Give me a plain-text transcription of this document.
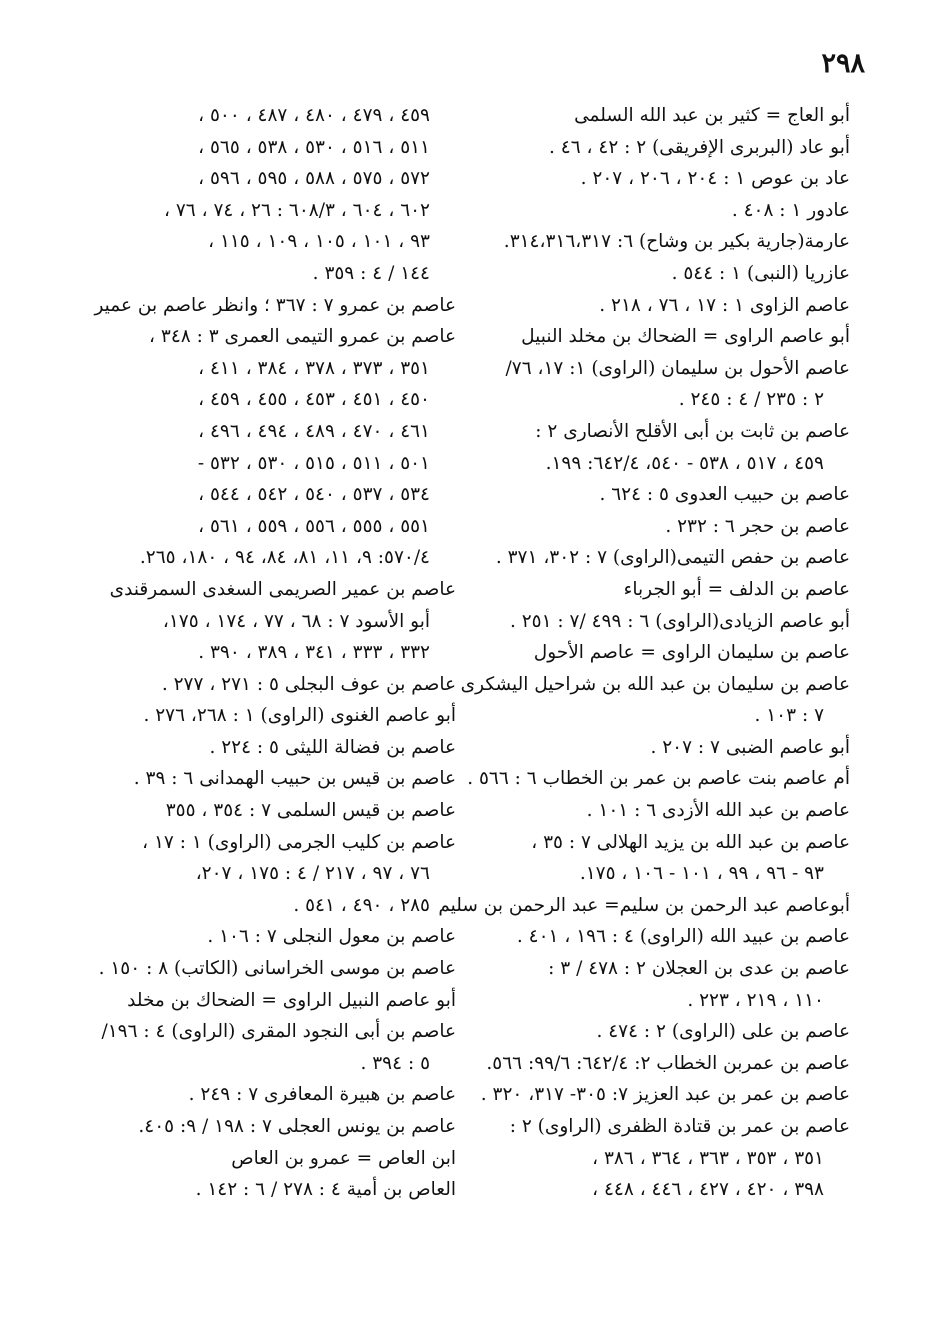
٢٩٨
أبو العاج = كثير بن عبد الله السلمى
أبو عاد (البربرى الإفريقى) ٢ : ٤٢ ، ٤٦ .
عاد بن عوص ١ : ٢٠٤ ، ٢٠٦ ، ٢٠٧ .
عادور ١ : ٤٠٨ .
عارمة(جارية بكير بن وشاح) ٦: ٣١٤،٣١٦،٣١٧.
عازريا (النبى) ١ : ٥٤٤ .
عاصم الزاوى ١ : ١٧ ، ٧٦ ، ٢١٨ .
أبو عاصم الراوى = الضحاك بن مخلد النبيل
عاصم الأحول بن سليمان (الراوى) ١: ١٧، ٧٦/
٢ : ٢٣٥ / ٤ : ٢٤٥ .
عاصم بن ثابت بن أبى الأقلح الأنصارى ٢ :
٤٥٩ ، ٥١٧ ، ٥٣٨ - ٥٤٠، ٦٤٢/٤: ١٩٩.
عاصم بن حبيب العدوى ٥ : ٦٢٤ .
عاصم بن حجر ٦ : ٢٣٢ .
عاصم بن حفص التيمى(الراوى) ٧ : ٣٠٢، ٣٧١ .
عاصم بن الدلف = أبو الجرباء
أبو عاصم الزيادى(الراوى) ٦ : ٤٩٩ /٧ : ٢٥١ .
عاصم بن سليمان الراوى = عاصم الأحول
عاصم بن سليمان بن عبد الله بن شراحيل اليشكرى
٧ : ١٠٣ .
أبو عاصم الضبى ٧ : ٢٠٧ .
أم عاصم بنت عاصم بن عمر بن الخطاب ٦ : ٥٦٦ .
عاصم بن عبد الله الأزدى ٦ : ١٠١ .
عاصم بن عبد الله بن يزيد الهلالى ٧ : ٣٥ ،
٩٣ - ٩٦ ، ٩٩ ، ١٠١ - ١٠٦ ، ١٧٥.
أبوعاصم عبد الرحمن بن سليم= عبد الرحمن بن سليم
عاصم بن عبيد الله (الراوى) ٤ : ١٩٦ ، ٤٠١ .
عاصم بن عدى بن العجلان ٢ : ٤٧٨ / ٣ :
١١٠ ، ٢١٩ ، ٢٢٣ .
عاصم بن على (الراوى) ٢ : ٤٧٤ .
عاصم بن عمربن الخطاب ٢: ٦٤٢/٤: ٩٩/٦: ٥٦٦.
عاصم بن عمر بن عبد العزيز ٧: ٣٠٥- ٣١٧، ٣٢٠ .
عاصم بن عمر بن قتادة الظفرى (الراوى) ٢ :
٣٥١ ، ٣٥٣ ، ٣٦٣ ، ٣٦٤ ، ٣٨٦ ،
٣٩٨ ، ٤٢٠ ، ٤٢٧ ، ٤٤٦ ، ٤٤٨ ،
٤٥٩ ، ٤٧٩ ، ٤٨٠ ، ٤٨٧ ، ٥٠٠ ،
٥١١ ، ٥١٦ ، ٥٣٠ ، ٥٣٨ ، ٥٦٥ ،
٥٧٢ ، ٥٧٥ ، ٥٨٨ ، ٥٩٥ ، ٥٩٦ ،
٦٠٢ ، ٦٠٤ ، ٦٠٨/٣ : ٢٦ ، ٧٤ ، ٧٦ ،
٩٣ ، ١٠١ ، ١٠٥ ، ١٠٩ ، ١١٥ ،
١٤٤ / ٤ : ٣٥٩ .
عاصم بن عمرو ٧ : ٣٦٧ ؛ وانظر عاصم بن عمير
عاصم بن عمرو التيمى العمرى ٣ : ٣٤٨ ،
٣٥١ ، ٣٧٣ ، ٣٧٨ ، ٣٨٤ ، ٤١١ ،
٤٥٠ ، ٤٥١ ، ٤٥٣ ، ٤٥٥ ، ٤٥٩ ،
٤٦١ ، ٤٧٠ ، ٤٨٩ ، ٤٩٤ ، ٤٩٦ ،
٥٠١ ، ٥١١ ، ٥١٥ ، ٥٣٠ ، ٥٣٢ -
٥٣٤ ، ٥٣٧ ، ٥٤٠ ، ٥٤٢ ، ٥٤٤ ،
٥٥١ ، ٥٥٥ ، ٥٥٦ ، ٥٥٩ ، ٥٦١ ،
٥٧٠/٤: ٩، ١١، ٨١، ٨٤، ٩٤ ، ١٨٠، ٢٦٥.
عاصم بن عمير الصريمى السغدى السمرقندى
أبو الأسود ٧ : ٦٨ ، ٧٧ ، ١٧٤ ، ١٧٥،
٣٣٢ ، ٣٣٣ ، ٣٤١ ، ٣٨٩ ، ٣٩٠ .
عاصم بن عوف البجلى ٥ : ٢٧١ ، ٢٧٧ .
أبو عاصم الغنوى (الراوى) ١ : ٢٦٨، ٢٧٦ .
عاصم بن فضالة الليثى ٥ : ٢٢٤ .
عاصم بن قيس بن حبيب الهمدانى ٦ : ٣٩ .
عاصم بن قيس السلمى ٧ : ٣٥٤ ، ٣٥٥
عاصم بن كليب الجرمى (الراوى) ١ : ١٧ ،
٧٦ ، ٩٧ ، ٢١٧ / ٤ : ١٧٥ ، ٢٠٧،
٢٨٥ ، ٤٩٠ ، ٥٤١ .
عاصم بن معول النجلى ٧ : ١٠٦ .
عاصم بن موسى الخراسانى (الكاتب) ٨ : ١٥٠ .
أبو عاصم النبيل الراوى = الضحاك بن مخلد
عاصم بن أبى النجود المقرى (الراوى) ٤ : ١٩٦/
٥ : ٣٩٤ .
عاصم بن هبيرة المعافرى ٧ : ٢٤٩ .
عاصم بن يونس العجلى ٧ : ١٩٨ / ٩: ٤٠٥.
ابن العاص = عمرو بن العاص
العاص بن أمية ٤ : ٢٧٨ / ٦ : ١٤٢ .
